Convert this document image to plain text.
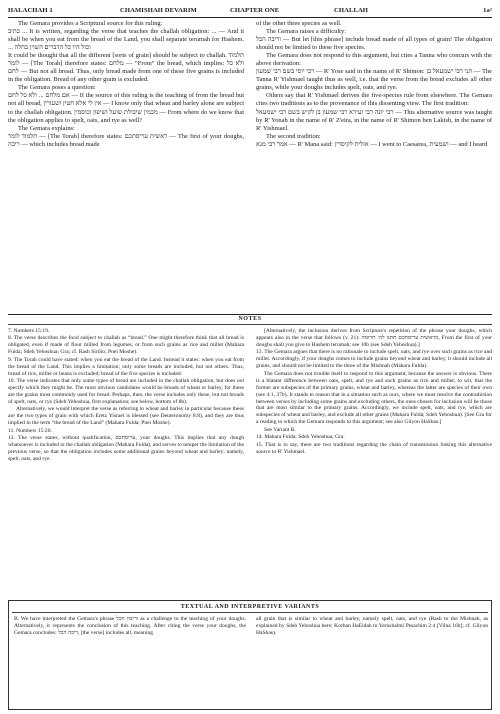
HALACHAH 1	CHAMISHAH DEVARIM	CHAPTER ONE	CHALLAH	1a²

The Gemara provides a Scriptural source for this ruling:

כתיב ... It is written, regarding the verse that teaches the challah obligation: ... — And it shall be when you eat from the bread of the Land, you shall separate terumah for Hashem. ... וכול היו כל הדברים השוין בחלה

It could be thought that all the different [sorts of grain] should be subject to challah. תלמוד לומר — [The Torah] therefore states: מלחם — “From” the bread, which implies: ולא כל לחם — But not all bread. Thus, only bread made from one of these five grains is included in the obligation. Bread of any other grain is excluded.

The Gemara poses a question:

אם מלחם ... ולא כל לחם — If the source of this ruling is the teaching of from the bread but not all bread, אין לי אלא חטין ושעורין — I know only that wheat and barley alone are subject to the challah obligation. מכמין שיבולת שועל ושיפון וכוסמין — From where do we know that the obligation applies to spelt, oats, and rye as well?

The Gemara explains:

תלמוד לומר — [The Torah] therefore states: ראשית עריסתכם — The first of your doughs, ריבה — which includes bread made

of the other three species as well.

The Gemara raises a difficulty:

וריבה הכל — But let [this phrase] include bread made of all types of grain! The obligation should not be limited to these five species.

The Gemara does not respond to this argument, but cites a Tanna who concurs with the above derivation:

רבי יוסי בשם רבי שמעון — R' Yose said in the name of R' Shimon: תני רבי ישמעאל בן — The Tanna R' Yishmael taught thus as well, i.e. that the verse from the bread excludes all other grains, while your doughs includes spelt, oats, and rye.

Others say that R' Yishmael derives the five-species rule from elsewhere. The Gemara cites two traditions as to the provenance of this dissenting view. The first tradition:

רבי יונה רבי זעירא רבי שמעון בן לקיש בשם רבי ישמעאל — This alternative source was taught by R' Yonah in the name of R' Z'eira, in the name of R' Shimon ben Lakish, in the name of R' Yishmael.

The second tradition:

אמר רבי מנא — R' Mana said: אזלית לקיסרין — I went to Caesarea, ושמעית — and I heard

NOTES

7. Numbers 15:19.

8. The verse describes the food subject to challah as “bread.” One might therefore think that all bread is obligated, even if made of flour milled from legumes, or from such grains as rice and millet (Mahara Fulda; Sdeh Yehoshua; Gra; cf. Rash Sirilio; Pnei Moshe).

9. The Torah could have stated: when you eat the bread of the Land. Instead it states: when you eat from the bread of the Land. This implies a limitation; only some breads are included, but not others. Thus, bread of rice, millet or beans is excluded; bread of the five species is included.

10. The verse indicates that only some types of bread are included in the challah obligation, but does not specify which they might be. The most obvious candidates would be breads of wheat or barley, for these are the grains most commonly used for bread. Perhaps, then, the verse includes only these, but not breads of spelt, oats, or rye (Sdeh Yehoshua, first explanation; see below, bottom of 8b).

Alternatively, we would interpret the verse as referring to wheat and barley in particular because these are the two types of grain with which Eretz Yisrael is blessed (see Deuteronomy 8:8), and they are thus implied in the term “the bread of the Land” (Mahara Fulda; Pnei Moshe).

11. Numbers 15:20.

12. The verse states, without qualification, עריסתכם, your doughs. This implies that any dough whatsoever is included in the challah obligation (Mahara Fulda), and serves to temper the limitation of the previous verse, so that the obligation includes some additional grains beyond wheat and barley; namely, spelt, oats, and rye.

[Alternatively, the inclusion derives from Scripture's repetition of the phrase your doughs, which appears also in the verse that follows (v. 21): מראשית עריסתכם תתנו לה׳ תרומה, From the first of your doughs shall you give to Hashem terumah; see 10b (see Sdeh Yehoshua).]

13. The Gemara argues that there is no rationale to include spelt, oats, and rye over such grains as rice and millet. Accordingly, if your doughs comes to include grains beyond wheat and barley, it should include all grains, and should not be limited to the three of the Mishnah (Mahara Fulda).

The Gemara does not trouble itself to respond to this argument, because the answer is obvious. There is a blatant difference between oats, spelt, and rye and such grains as rice and millet; to wit, that the former are subspecies of the primary grains, wheat and barley, whereas the latter are species of their own (see 4:1, 37b). It stands to reason that in a situation such as ours, where we must resolve the contradiction between verses by including some grains and excluding others, the ones chosen for inclusion will be those that are most similar to the primary grains. Accordingly, we include spelt, oats, and rye, which are subspecies of wheat and barley, and exclude all other grains (Mahara Fulda; Sdeh Yehoshua). [See Gra for a reading in which the Gemara responds to this argument; see also Gilyon HaShas.]

See Variant B.

14. Mahara Fulda; Sdeh Yehoshua; Gra.

15. That is to say, there are two traditions regarding the chain of transmission linking this alternative source to R' Yishmael.

TEXTUAL AND INTERPRETIVE VARIANTS
B. We have interpreted the Gemara's phrase וריבה הכל as a challenge to the teaching of your doughs. Alternatively, it represents the conclusion of this teaching. After citing the verse your doughs, the Gemara concludes: ריבה הכל, [the verse] includes all, meaning
all grain that is similar to wheat and barley, namely spelt, oats, and rye (Rash to the Mishnah, as explained by Sdeh Yehoshua here; Korban HaEidah to Yerushalmi Pesachim 2:4 [Vilna 16b]; cf. Gilyon HaShas).
